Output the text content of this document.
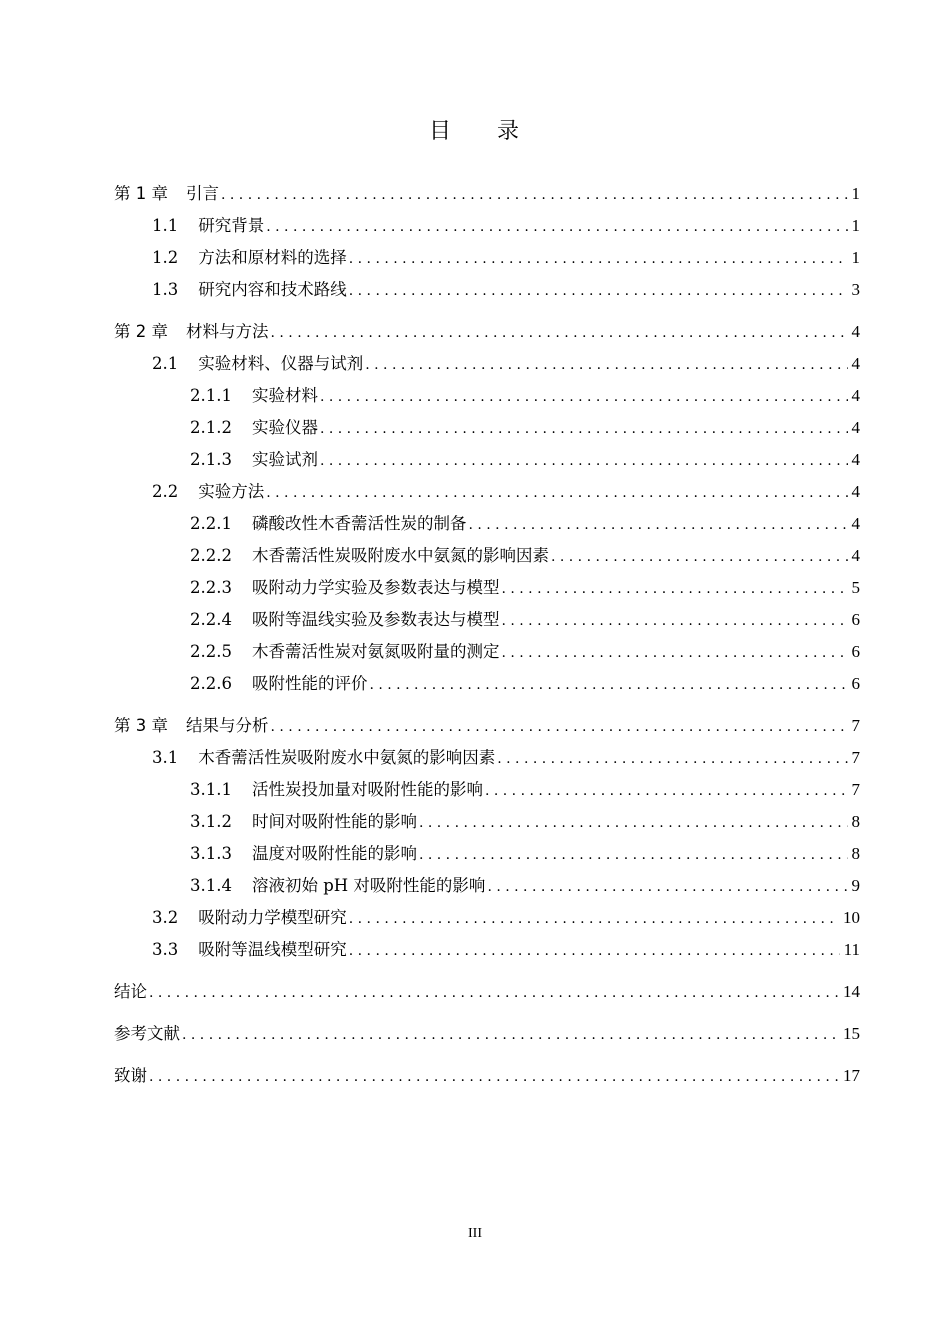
目 录
第 1 章 引言 . . .	1
1.1 研究背景 . . .	1
1.2 方法和原材料的选择 . . .	1
1.3 研究内容和技术路线 . . .	3
第 2 章 材料与方法 . . .	4
2.1 实验材料、仪器与试剂 . . .	4
2.1.1 实验材料 . . .	4
2.1.2 实验仪器 . . .	4
2.1.3 实验试剂 . . .	4
2.2 实验方法 . . .	4
2.2.1 磷酸改性木香薷活性炭的制备 . . .	4
2.2.2 木香薷活性炭吸附废水中氨氮的影响因素 . . .	4
2.2.3 吸附动力学实验及参数表达与模型 . . .	5
2.2.4 吸附等温线实验及参数表达与模型 . . .	6
2.2.5 木香薷活性炭对氨氮吸附量的测定 . . .	6
2.2.6 吸附性能的评价 . . .	6
第 3 章 结果与分析 . . .	7
3.1 木香薷活性炭吸附废水中氨氮的影响因素 . . .	7
3.1.1 活性炭投加量对吸附性能的影响 . . .	7
3.1.2 时间对吸附性能的影响 . . .	8
3.1.3 温度对吸附性能的影响 . . .	8
3.1.4 溶液初始 pH 对吸附性能的影响 . . .	9
3.2 吸附动力学模型研究 . . .	10
3.3 吸附等温线模型研究 . . .	11
结论 . . .	14
参考文献 . . .	15
致谢 . . .	17
III
